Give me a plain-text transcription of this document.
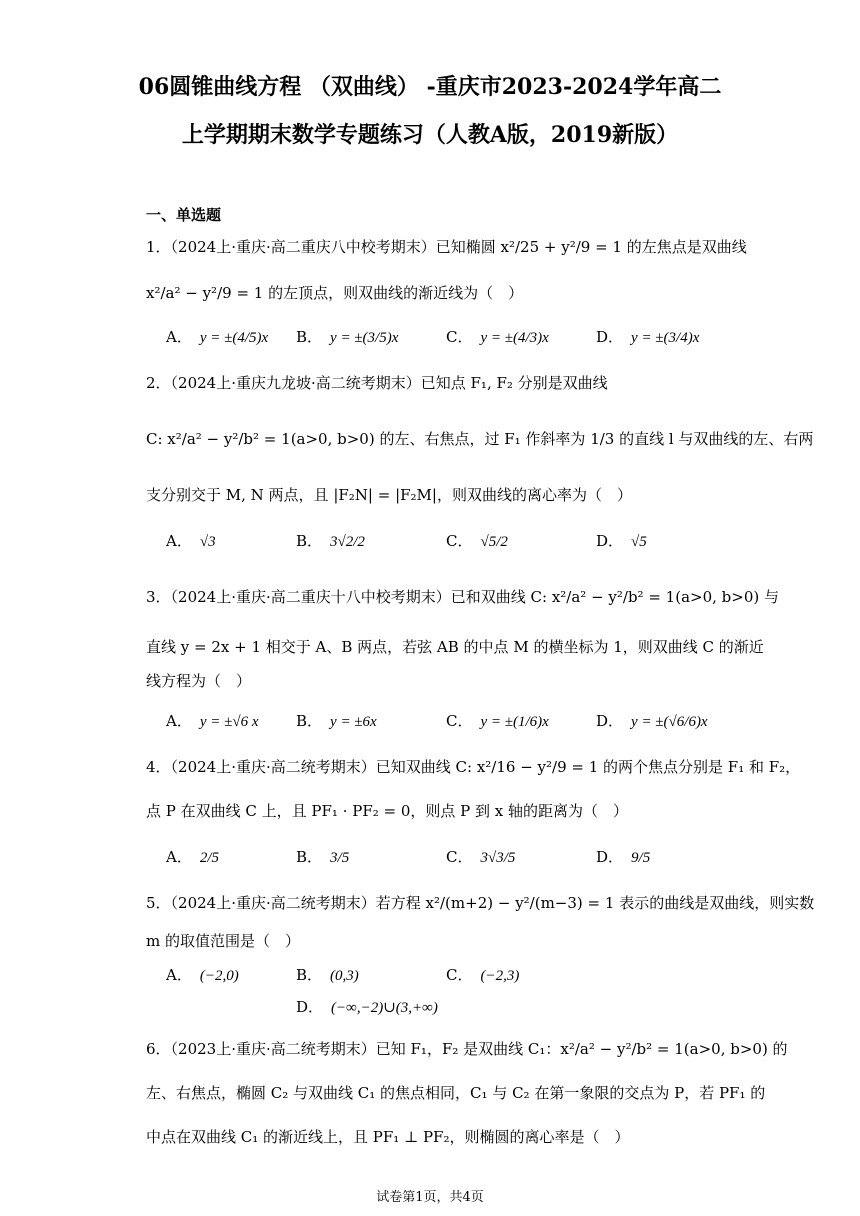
06圆锥曲线方程 （双曲线） -重庆市2023-2024学年高二
上学期期末数学专题练习（人教A版，2019新版）
一、单选题
1．（2024上·重庆·高二重庆八中校考期末）已知椭圆 x²/25 + y²/9 = 1 的左焦点是双曲线
x²/a² − y²/9 = 1 的左顶点，则双曲线的渐近线为（　）
A． y = ±(4/5)x B． y = ±(3/5)x	C． y = ±(4/3)x	D． y = ±(3/4)x
2．（2024上·重庆九龙坡·高二统考期末）已知点 F₁, F₂ 分别是双曲线
C: x²/a² − y²/b² = 1(a>0, b>0) 的左、右焦点，过 F₁ 作斜率为 1/3 的直线 l 与双曲线的左、右两
支分别交于 M, N 两点，且 |F₂N| = |F₂M|，则双曲线的离心率为（　）
A． √3	B． 3√2/2	C． √5/2	D． √5
3．（2024上·重庆·高二重庆十八中校考期末）已和双曲线 C: x²/a² − y²/b² = 1(a>0, b>0) 与
直线 y = 2x + 1 相交于 A、B 两点，若弦 AB 的中点 M 的横坐标为 1，则双曲线 C 的渐近
线方程为（　）
A． y = ±√6 x	B． y = ±6x	C． y = ±(1/6)x	D． y = ±(√6/6)x
4．（2024上·重庆·高二统考期末）已知双曲线 C: x²/16 − y²/9 = 1 的两个焦点分别是 F₁ 和 F₂，
点 P 在双曲线 C 上，且 PF₁ · PF₂ = 0，则点 P 到 x 轴的距离为（　）
A． 2/5	B． 3/5	C． 3√3/5	D． 9/5
5．（2024上·重庆·高二统考期末）若方程 x²/(m+2) − y²/(m−3) = 1 表示的曲线是双曲线，则实数
m 的取值范围是（　）
A． (−2,0)	B． (0,3)	C． (−2,3)
D． (−∞,−2)∪(3,+∞)
6．（2023上·重庆·高二统考期末）已知 F₁，F₂ 是双曲线 C₁：x²/a² − y²/b² = 1(a>0, b>0) 的
左、右焦点，椭圆 C₂ 与双曲线 C₁ 的焦点相同，C₁ 与 C₂ 在第一象限的交点为 P，若 PF₁ 的
中点在双曲线 C₁ 的渐近线上，且 PF₁ ⊥ PF₂，则椭圆的离心率是（　）
试卷第1页，共4页
